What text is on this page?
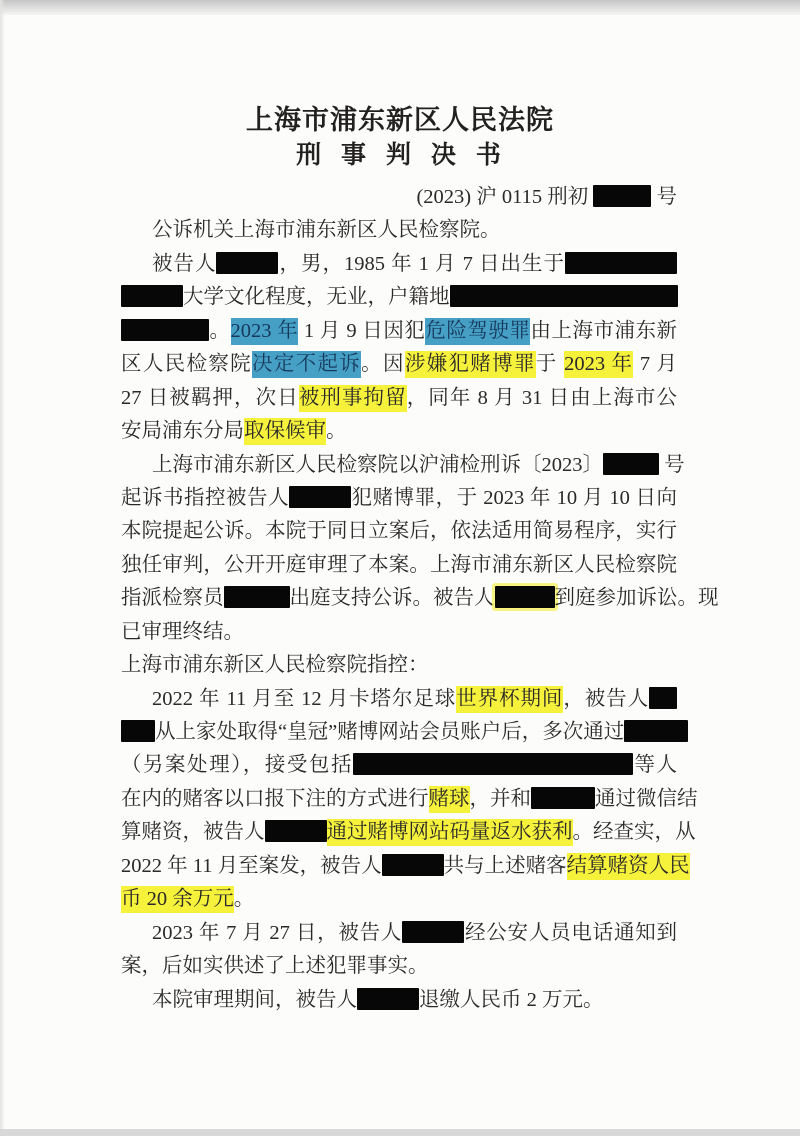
上海市浦东新区人民法院
刑 事 判 决 书
(2023) 沪 0115 刑初	号
公诉机关上海市浦东新区人民检察院。
被告人	，男，1985 年 1 月 7 日出生于
大学文化程度，无业，户籍地
。2023 年 1 月 9 日因犯危险驾驶罪由上海市浦东新
区人民检察院决定不起诉。因涉嫌犯赌博罪于 2023 年 7 月
27 日被羁押，次日被刑事拘留，同年 8 月 31 日由上海市公
安局浦东分局取保候审。
上海市浦东新区人民检察院以沪浦检刑诉〔2023〕	号
起诉书指控被告人	犯赌博罪，于 2023 年 10 月 10 日向
本院提起公诉。本院于同日立案后，依法适用简易程序，实行
独任审判，公开开庭审理了本案。上海市浦东新区人民检察院
指派检察员	出庭支持公诉。被告人	到庭参加诉讼。现
已审理终结。
上海市浦东新区人民检察院指控：
2022 年 11 月至 12 月卡塔尔足球世界杯期间，被告人
从上家处取得“皇冠”赌博网站会员账户后，多次通过
（另案处理），接受包括	等人
在内的赌客以口报下注的方式进行赌球，并和	通过微信结
算赌资，被告人	通过赌博网站码量返水获利。经查实，从
2022 年 11 月至案发，被告人	共与上述赌客结算赌资人民
币 20 余万元。
2023 年 7 月 27 日，被告人	经公安人员电话通知到
案，后如实供述了上述犯罪事实。
本院审理期间，被告人	退缴人民币 2 万元。
